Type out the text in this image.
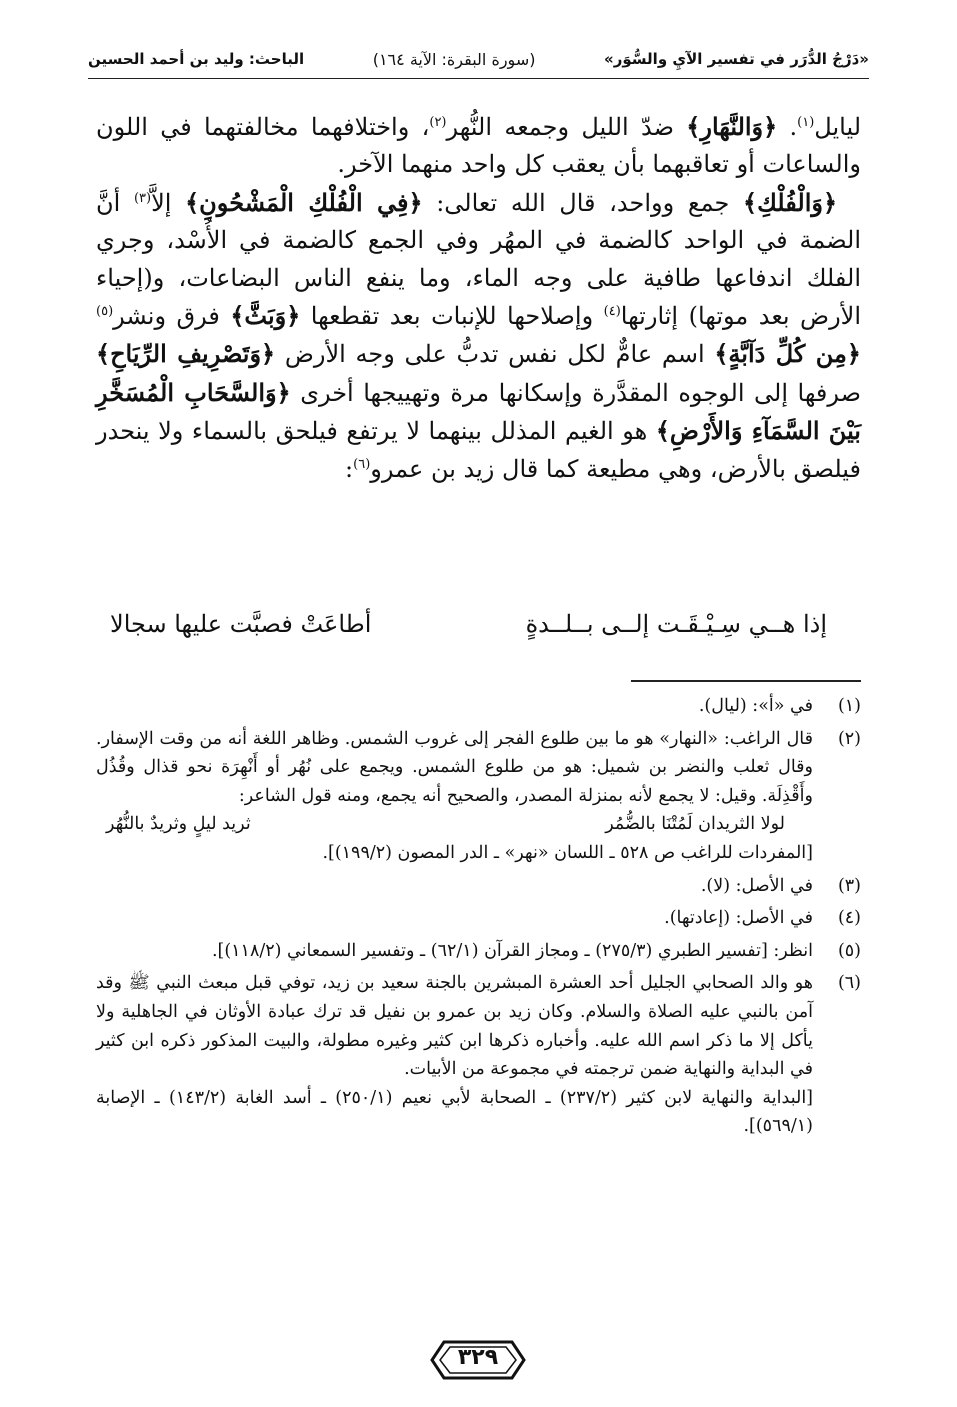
«دَرْجُ الدُّرَر في تفسير الآيِ والسُّوَر»
(سورة البقرة: الآية ١٦٤)
الباحث: وليد بن أحمد الحسين

ليايل$^{(١)}$. ﴿وَالنَّهَارِ﴾ ضدّ الليل وجمعه النُّهر$^{(٢)}$، واختلافهما مخالفتهما في اللون والساعات أو تعاقبهما بأن يعقب كل واحد منهما الآخر.

﴿وَالْفُلْكِ﴾ جمع وواحد، قال الله تعالى: ﴿فِي الْفُلْكِ الْمَشْحُونِ﴾ إلاَّ$^{(٣)}$ أنَّ الضمة في الواحد كالضمة في المهُر وفي الجمع كالضمة في الأُسْد، وجري الفلك اندفاعها طافية على وجه الماء، وما ينفع الناس البضاعات، و(إحياء الأرض بعد موتها) إثارتها$^{(٤)}$ وإصلاحها للإنبات بعد تقطعها ﴿وَبَثَّ﴾ فرق ونشر$^{(٥)}$ ﴿مِن كُلِّ دَآبَّةٍ﴾ اسم عامٌّ لكل نفس تدبُّ على وجه الأرض ﴿وَتَصْرِيفِ الرِّيَاحِ﴾ صرفها إلى الوجوه المقدَّرة وإسكانها مرة وتهييجها أخرى ﴿وَالسَّحَابِ الْمُسَخَّرِ بَيْنَ السَّمَآءِ وَالأَرْضِ﴾ هو الغيم المذلل بينهما لا يرتفع فيلحق بالسماء ولا ينحدر فيلصق بالأرض، وهي مطيعة كما قال زيد بن عمرو$^{(٦)}$:

إذا هــي سِـيْـقَـت إلــى بــلــدةٍ
أطاعَتْ فصبَّت عليها سجالا
(١)

في «أ»: (ليال).

(٢)

قال الراغب: «النهار» هو ما بين طلوع الفجر إلى غروب الشمس. وظاهر اللغة أنه من وقت الإسفار. وقال ثعلب والنضر بن شميل: هو من طلوع الشمس. ويجمع على نُهُر أو أَنْهِرَة نحو قذال وقُذُل وأَقْذِلَة. وقيل: لا يجمع لأنه بمنزلة المصدر، والصحيح أنه يجمع، ومنه قول الشاعر:

لولا الثريدان لَمُتْنَا بالضُّمُر
ثريد ليلٍ وثريدٌ بالنُّهُر

[المفردات للراغب ص ٥٢٨ ـ اللسان «نهر» ـ الدر المصون (١٩٩/٢)].

(٣)

في الأصل: (لا).

(٤)

في الأصل: (إعادتها).

(٥)

انظر: [تفسير الطبري (٢٧٥/٣) ـ ومجاز القرآن (٦٢/١) ـ وتفسير السمعاني (١١٨/٢)].

(٦)

هو والد الصحابي الجليل أحد العشرة المبشرين بالجنة سعيد بن زيد، توفي قبل مبعث النبي ﷺ وقد آمن بالنبي عليه الصلاة والسلام. وكان زيد بن عمرو بن نفيل قد ترك عبادة الأوثان في الجاهلية ولا يأكل إلا ما ذكر اسم الله عليه. وأخباره ذكرها ابن كثير وغيره مطولة، والبيت المذكور ذكره ابن كثير في البداية والنهاية ضمن ترجمته في مجموعة من الأبيات.

[البداية والنهاية لابن كثير (٢٣٧/٢) ـ الصحابة لأبي نعيم (٢٥٠/١) ـ أسد الغابة (١٤٣/٢) ـ الإصابة (٥٦٩/١)].

٣٢٩
